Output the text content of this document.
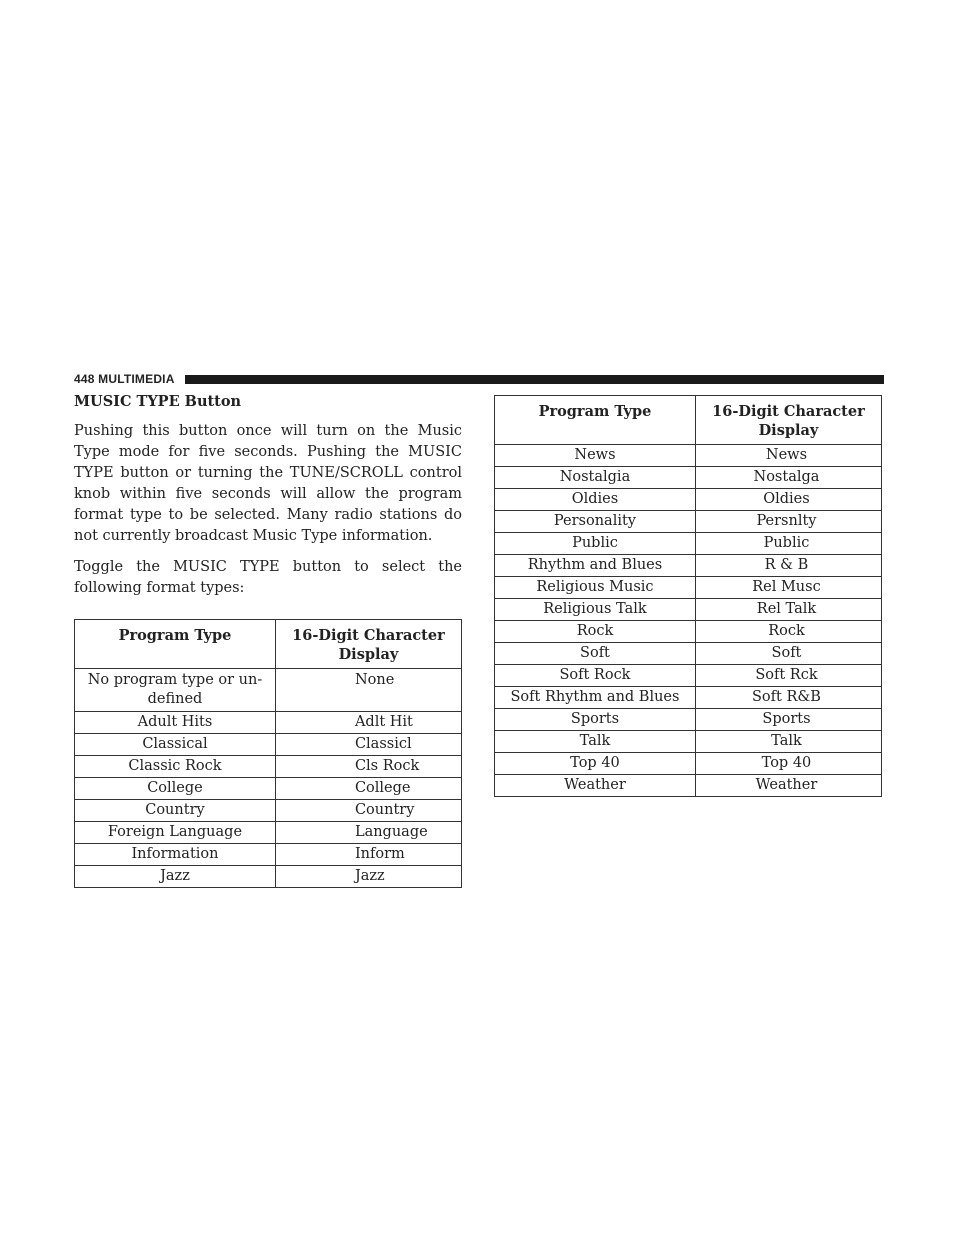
448 MULTIMEDIA
MUSIC TYPE Button

Pushing this button once will turn on the Music Type mode for five seconds. Pushing the MUSIC TYPE button or turning the TUNE/SCROLL control knob within five seconds will allow the program format type to be selected. Many radio stations do not currently broadcast Music Type information.

Toggle the MUSIC TYPE button to select the following format types:

Program Type	16-Digit Character Display
No program type or un-defined	None
Adult Hits	Adlt Hit
Classical	Classicl
Classic Rock	Cls Rock
College	College
Country	Country
Foreign Language	Language
Information	Inform
Jazz	Jazz
Program Type	16-Digit Character Display
News	News
Nostalgia	Nostalga
Oldies	Oldies
Personality	Persnlty
Public	Public
Rhythm and Blues	R & B
Religious Music	Rel Musc
Religious Talk	Rel Talk
Rock	Rock
Soft	Soft
Soft Rock	Soft Rck
Soft Rhythm and Blues	Soft R&B
Sports	Sports
Talk	Talk
Top 40	Top 40
Weather	Weather
